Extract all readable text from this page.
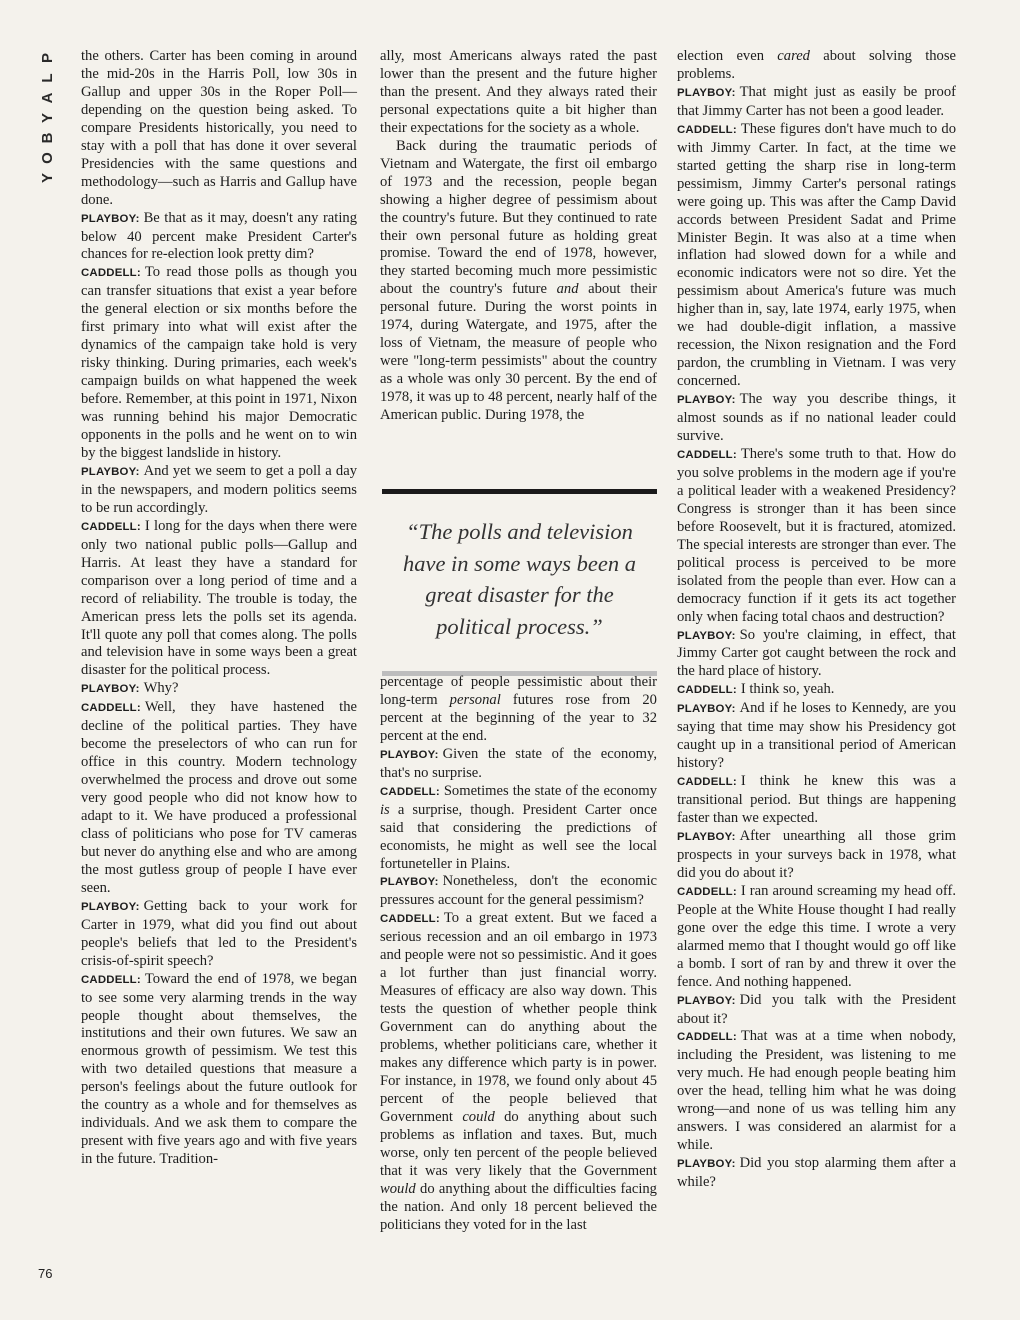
P
L
A
Y
B
O
Y
76

the others. Carter has been coming in around the mid-20s in the Harris Poll, low 30s in Gallup and upper 30s in the Roper Poll—depending on the question being asked. To compare Presidents historically, you need to stay with a poll that has done it over several Presidencies with the same questions and methodology—such as Harris and Gallup have done.

PLAYBOY: Be that as it may, doesn't any rating below 40 percent make President Carter's chances for re-election look pretty dim?

CADDELL: To read those polls as though you can transfer situations that exist a year before the general election or six months before the first primary into what will exist after the dynamics of the campaign take hold is very risky thinking. During primaries, each week's campaign builds on what happened the week before. Remember, at this point in 1971, Nixon was running behind his major Democratic opponents in the polls and he went on to win by the biggest landslide in history.

PLAYBOY: And yet we seem to get a poll a day in the newspapers, and modern politics seems to be run accordingly.

CADDELL: I long for the days when there were only two national public polls—Gallup and Harris. At least they have a standard for comparison over a long period of time and a record of reliability. The trouble is today, the American press lets the polls set its agenda. It'll quote any poll that comes along. The polls and television have in some ways been a great disaster for the political process.

PLAYBOY: Why?

CADDELL: Well, they have hastened the decline of the political parties. They have become the preselectors of who can run for office in this country. Modern technology overwhelmed the process and drove out some very good people who did not know how to adapt to it. We have produced a professional class of politicians who pose for TV cameras but never do anything else and who are among the most gutless group of people I have ever seen.

PLAYBOY: Getting back to your work for Carter in 1979, what did you find out about people's beliefs that led to the President's crisis-of-spirit speech?

CADDELL: Toward the end of 1978, we began to see some very alarming trends in the way people thought about themselves, the institutions and their own futures. We saw an enormous growth of pessimism. We test this with two detailed questions that measure a person's feelings about the future outlook for the country as a whole and for themselves as individuals. And we ask them to compare the present with five years ago and with five years in the future. Tradition-

ally, most Americans always rated the past lower than the present and the future higher than the present. And they always rated their personal expectations quite a bit higher than their expectations for the society as a whole.

Back during the traumatic periods of Vietnam and Watergate, the first oil embargo of 1973 and the recession, people began showing a higher degree of pessimism about the country's future. But they continued to rate their own personal future as holding great promise. Toward the end of 1978, however, they started becoming much more pessimistic about the country's future and about their personal future. During the worst points in 1974, during Watergate, and 1975, after the loss of Vietnam, the measure of people who were "long-term pessimists" about the country as a whole was only 30 percent. By the end of 1978, it was up to 48 percent, nearly half of the American public. During 1978, the

“The polls and television have in some ways been a great disaster for the political process.”

percentage of people pessimistic about their long-term personal futures rose from 20 percent at the beginning of the year to 32 percent at the end.

PLAYBOY: Given the state of the economy, that's no surprise.

CADDELL: Sometimes the state of the economy is a surprise, though. President Carter once said that considering the predictions of economists, he might as well see the local fortuneteller in Plains.

PLAYBOY: Nonetheless, don't the economic pressures account for the general pessimism?

CADDELL: To a great extent. But we faced a serious recession and an oil embargo in 1973 and people were not so pessimistic. And it goes a lot further than just financial worry. Measures of efficacy are also way down. This tests the question of whether people think Government can do anything about the problems, whether politicians care, whether it makes any difference which party is in power. For instance, in 1978, we found only about 45 percent of the people believed that Government could do anything about such problems as inflation and taxes. But, much worse, only ten percent of the people believed that it was very likely that the Government would do anything about the difficulties facing the nation. And only 18 percent believed the politicians they voted for in the last

election even cared about solving those problems.

PLAYBOY: That might just as easily be proof that Jimmy Carter has not been a good leader.

CADDELL: These figures don't have much to do with Jimmy Carter. In fact, at the time we started getting the sharp rise in long-term pessimism, Jimmy Carter's personal ratings were going up. This was after the Camp David accords between President Sadat and Prime Minister Begin. It was also at a time when inflation had slowed down for a while and economic indicators were not so dire. Yet the pessimism about America's future was much higher than in, say, late 1974, early 1975, when we had double-digit inflation, a massive recession, the Nixon resignation and the Ford pardon, the crumbling in Vietnam. I was very concerned.

PLAYBOY: The way you describe things, it almost sounds as if no national leader could survive.

CADDELL: There's some truth to that. How do you solve problems in the modern age if you're a political leader with a weakened Presidency? Congress is stronger than it has been since before Roosevelt, but it is fractured, atomized. The special interests are stronger than ever. The political process is perceived to be more isolated from the people than ever. How can a democracy function if it gets its act together only when facing total chaos and destruction?

PLAYBOY: So you're claiming, in effect, that Jimmy Carter got caught between the rock and the hard place of history.

CADDELL: I think so, yeah.

PLAYBOY: And if he loses to Kennedy, are you saying that time may show his Presidency got caught up in a transitional period of American history?

CADDELL: I think he knew this was a transitional period. But things are happening faster than we expected.

PLAYBOY: After unearthing all those grim prospects in your surveys back in 1978, what did you do about it?

CADDELL: I ran around screaming my head off. People at the White House thought I had really gone over the edge this time. I wrote a very alarmed memo that I thought would go off like a bomb. I sort of ran by and threw it over the fence. And nothing happened.

PLAYBOY: Did you talk with the President about it?

CADDELL: That was at a time when nobody, including the President, was listening to me very much. He had enough people beating him over the head, telling him what he was doing wrong—and none of us was telling him any answers. I was considered an alarmist for a while.

PLAYBOY: Did you stop alarming them after a while?
